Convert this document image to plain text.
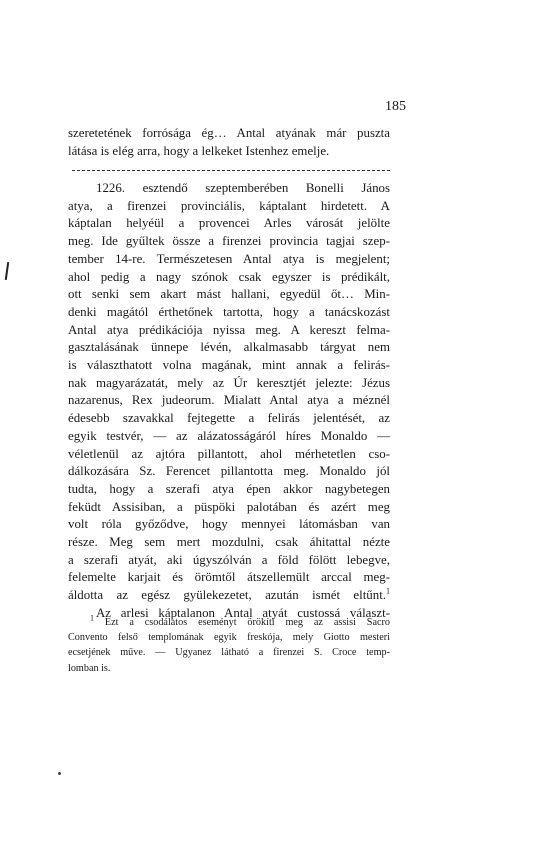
185
szeretetének forrósága ég… Antal atyának már puszta
látása is elég arra, hogy a lelkeket Istenhez emelje.
1226. esztendő szeptemberében Bonelli János
atya, a firenzei provinciális, káptalant hirdetett. A
káptalan helyéül a provencei Arles városát jelölte
meg. Ide gyűltek össze a firenzei provincia tagjai szep-
tember 14-re. Természetesen Antal atya is megjelent;
ahol pedig a nagy szónok csak egyszer is prédikált,
ott senki sem akart mást hallani, egyedül őt… Min-
denki magától érthetőnek tartotta, hogy a tanácskozást
Antal atya prédikációja nyissa meg. A kereszt felma-
gasztalásának ünnepe lévén, alkalmasabb tárgyat nem
is választhatott volna magának, mint annak a felirás-
nak magyarázatát, mely az Úr keresztjét jelezte: Jézus
nazarenus, Rex judeorum. Mialatt Antal atya a méznél
édesebb szavakkal fejtegette a felirás jelentését, az
egyik testvér, — az alázatosságáról híres Monaldo —
véletlenül az ajtóra pillantott, ahol mérhetetlen cso-
dálkozására Sz. Ferencet pillantotta meg. Monaldo jól
tudta, hogy a szerafi atya épen akkor nagybetegen
feküdt Assisiban, a püspöki palotában és azért meg
volt róla győződve, hogy mennyei látomásban van
része. Meg sem mert mozdulni, csak áhitattal nézte
a szerafi atyát, aki úgyszólván a föld fölött lebegve,
felemelte karjait és örömtől átszellemült arccal meg-
áldotta az egész gyülekezetet, azután ismét eltűnt.$^1$
Az arlesi káptalanon Antal atyát custossá választ-
$^1$ Ezt a csodálatos eseményt örökíti meg az assisi Sacro
Convento felső templomának egyik freskója, mely Giotto mesteri
ecsetjének műve. — Ugyanez látható a firenzei S. Croce temp-
lomban is.
